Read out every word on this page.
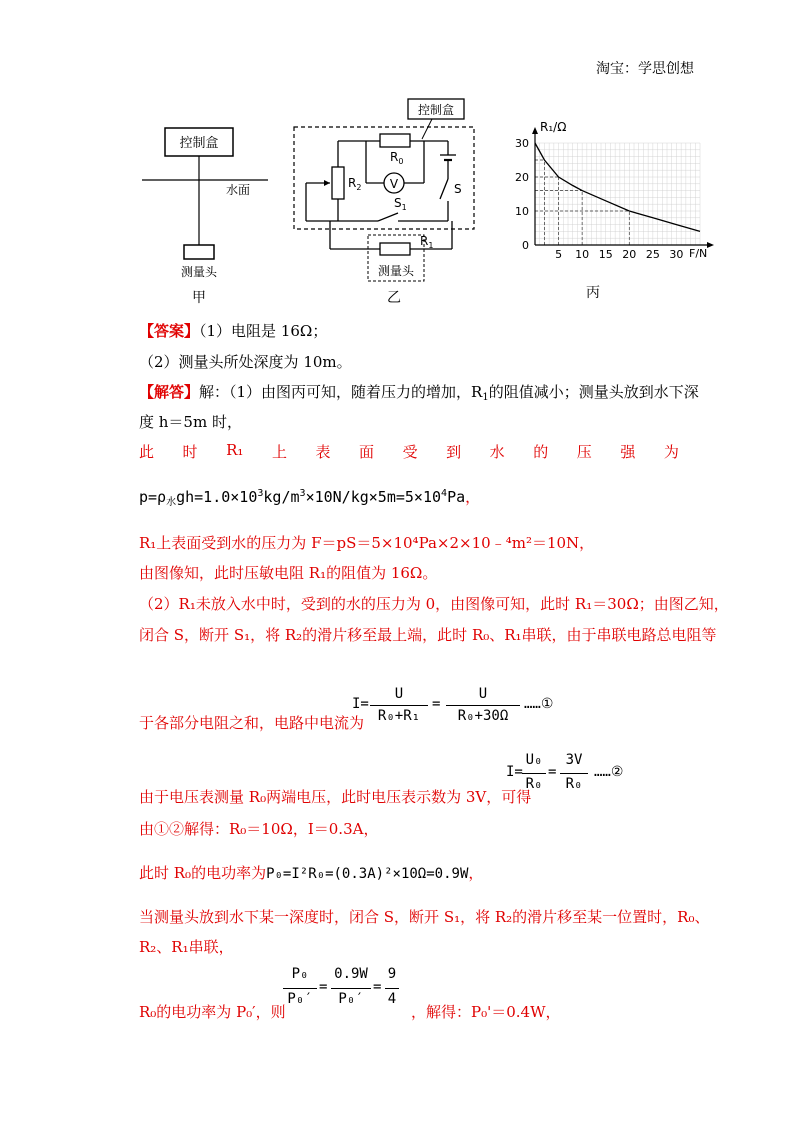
淘宝：学思创想
控制盒
水面
测量头
甲
控制盒
$R_0$
V
$R_2$	S
$S_1$
$R_1$
测量头
乙
R₁/Ω
F/N
5 10 15 20 25 30
0
10
20
30
丙
【答案】（1）电阻是 16Ω；
（2）测量头所处深度为 10m。
【解答】解：（1）由图丙可知，随着压力的增加，$R_1$的阻值减小；测量头放到水下深
度 h＝5m 时，
此 时 R₁ 上 表 面 受 到 水 的 压 强 为
$p=\rho_水gh=1.0\times 10^3kg/m^3\times 10N/kg\times 5m=5\times 10^4Pa$，
R₁上表面受到水的压力为 F＝pS＝5×10⁴Pa×2×10﹣⁴m²＝10N，
由图像知，此时压敏电阻 R₁的阻值为 16Ω。
（2）R₁未放入水中时，受到的水的压力为 0，由图像可知，此时 R₁＝30Ω；由图乙知，
闭合 S，断开 S₁，将 R₂的滑片移至最上端，此时 R₀、R₁串联，由于串联电路总电阻等
于各部分电阻之和，电路中电流为
I=
U
R₀+R₁
=
U
R₀+30Ω
……①
由于电压表测量 R₀两端电压，此时电压表示数为 3V，可得
I=
U₀
R₀
=
3V
R₀
……②
由①②解得：R₀＝10Ω，I＝0.3A，
此时 R₀的电功率为P₀=I²R₀=(0.3A)²×10Ω=0.9W，
当测量头放到水下某一深度时，闭合 S，断开 S₁，将 R₂的滑片移至某一位置时，R₀、
R₂、R₁串联，
R₀的电功率为 P₀′，则
P₀
P₀′
=
0.9W
P₀′
=
9
4
，解得：P₀'＝0.4W，
